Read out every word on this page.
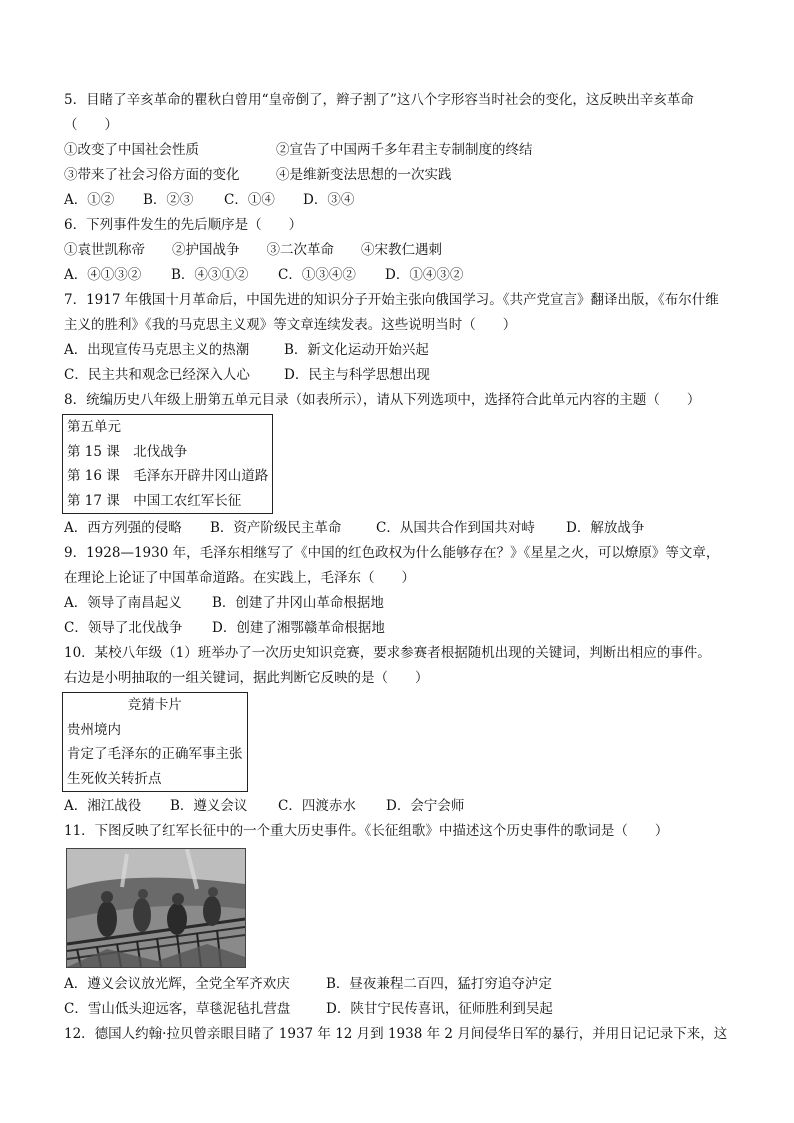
5．目睹了辛亥革命的瞿秋白曾用“皇帝倒了，辫子割了”这八个字形容当时社会的变化，这反映出辛亥革命
（　　）
①改变了中国社会性质	②宣告了中国两千多年君主专制制度的终结
③带来了社会习俗方面的变化	④是维新变法思想的一次实践
A．①②	B．②③	C．①④	D．③④
6．下列事件发生的先后顺序是（　　）
①袁世凯称帝　　②护国战争　　③二次革命　　④宋教仁遇刺
A．④①③②	B．④③①②	C．①③④②	D．①④③②
7．1917 年俄国十月革命后，中国先进的知识分子开始主张向俄国学习。《共产党宣言》翻译出版，《布尔什维
主义的胜利》《我的马克思主义观》等文章连续发表。这些说明当时（　　）
A．出现宣传马克思主义的热潮	B．新文化运动开始兴起
C．民主共和观念已经深入人心	D．民主与科学思想出现
8．统编历史八年级上册第五单元目录（如表所示），请从下列选项中，选择符合此单元内容的主题（　　）
第五单元
第 15 课　北伐战争
第 16 课　毛泽东开辟井冈山道路
第 17 课　中国工农红军长征
A．西方列强的侵略	B．资产阶级民主革命	C．从国共合作到国共对峙	D．解放战争
9．1928—1930 年，毛泽东相继写了《中国的红色政权为什么能够存在？》《星星之火，可以燎原》等文章，
在理论上论证了中国革命道路。在实践上，毛泽东（　　）
A．领导了南昌起义	B．创建了井冈山革命根据地
C．领导了北伐战争	D．创建了湘鄂赣革命根据地
10．某校八年级（1）班举办了一次历史知识竞赛，要求参赛者根据随机出现的关键词，判断出相应的事件。
右边是小明抽取的一组关键词，据此判断它反映的是（　　）
竞猜卡片
贵州境内
肯定了毛泽东的正确军事主张
生死攸关转折点
A．湘江战役	B．遵义会议	C．四渡赤水	D．会宁会师
11．下图反映了红军长征中的一个重大历史事件。《长征组歌》中描述这个历史事件的歌词是（　　）
A．遵义会议放光辉，全党全军齐欢庆	B．昼夜兼程二百四，猛打穷追夺泸定
C．雪山低头迎远客，草毯泥毡扎营盘	D．陕甘宁民传喜讯，征师胜利到吴起
12．德国人约翰·拉贝曾亲眼目睹了 1937 年 12 月到 1938 年 2 月间侵华日军的暴行，并用日记记录下来，这
